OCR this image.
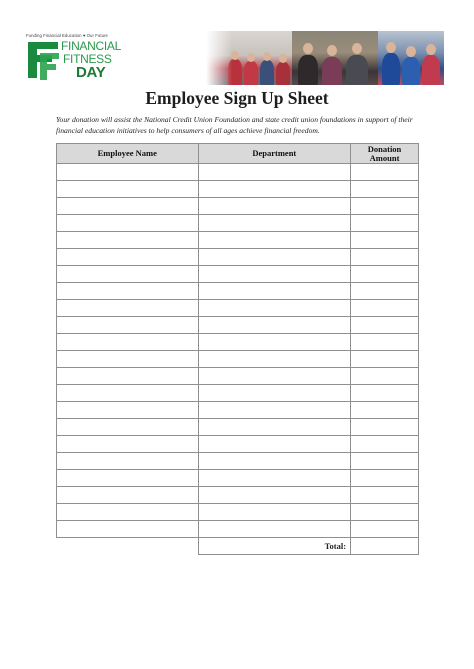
Funding Financial Education ♥ Our Future
FINANCIAL
FITNESS
DAY
Employee Sign Up Sheet
Your donation will assist the National Credit Union Foundation and state credit union foundations in support of their financial education initiatives to help consumers of all ages achieve financial freedom.
Employee Name	Department	Donation Amount

	Total:	
